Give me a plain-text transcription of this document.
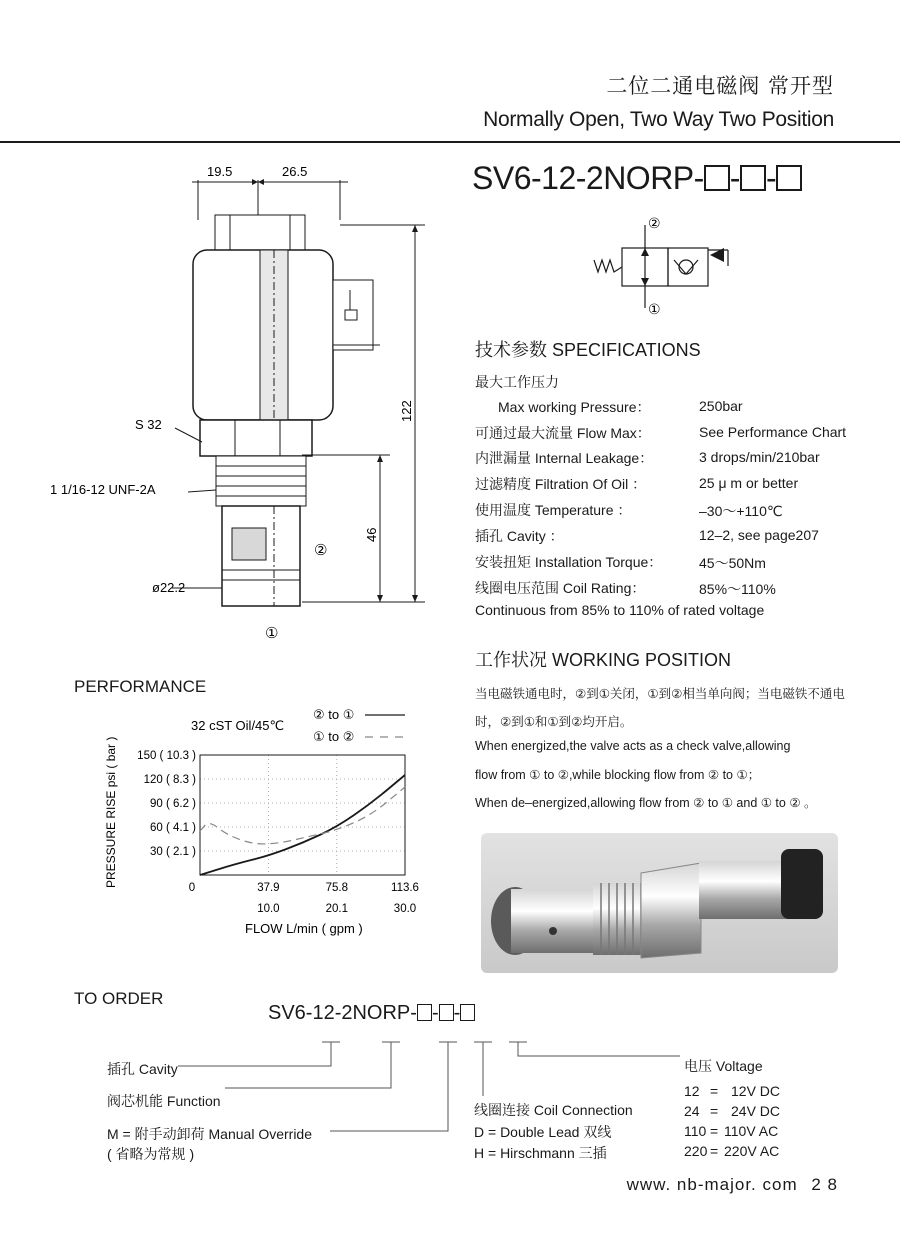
二位二通电磁阀 常开型
Normally Open, Two Way Two Position
SV6-12-2NORP- - -
19.5	26.5
122
46
S 32
1 1/16-12 UNF-2A
ø22.2
②
①
②
①
技术参数 SPECIFICATIONS
最大工作压力
Max working Pressure：	250bar
可通过最大流量 Flow Max：	See Performance Chart
内泄漏量 Internal Leakage：	3 drops/min/210bar
过滤精度 Filtration Of Oil ：	25 μ m or better
使用温度 Temperature ：	–30～+110℃
插孔 Cavity ：	12–2, see page207
安装扭矩 Installation Torque：	45～50Nm
线圈电压范围 Coil Rating：	85%～110%
Continuous from 85% to 110% of rated voltage
工作状况 WORKING POSITION
当电磁铁通电时，②到①关闭，①到②相当单向阀；当电磁铁不通电
时，②到①和①到②均开启。
When energized,the valve acts as a check valve,allowing
flow from ① to ②,while blocking flow from ② to ①；
When de–energized,allowing flow from ② to ① and ① to ② 。
PERFORMANCE
32 cST Oil/45℃
② to ①
① to ②
PRESSURE RISE psi ( bar ) 150 ( 10.3 )
120 ( 8.3 )
90 ( 6.2 )
60 ( 4.1 )
30 ( 2.1 )
0	37.9
10.0
75.8
20.1
113.6
30.0
FLOW L/min ( gpm )
TO ORDER
SV6-12-2NORP- - -
插孔 Cavity
阀芯机能 Function
M = 附手动卸荷 Manual Override
( 省略为常规 )
线圈连接 Coil Connection
D = Double Lead 双线
H = Hirschmann 三插
电压 Voltage
12 = 12V DC
24 = 24V DC
110 = 110V AC
220 = 220V AC
www. nb-major. com 2 8
